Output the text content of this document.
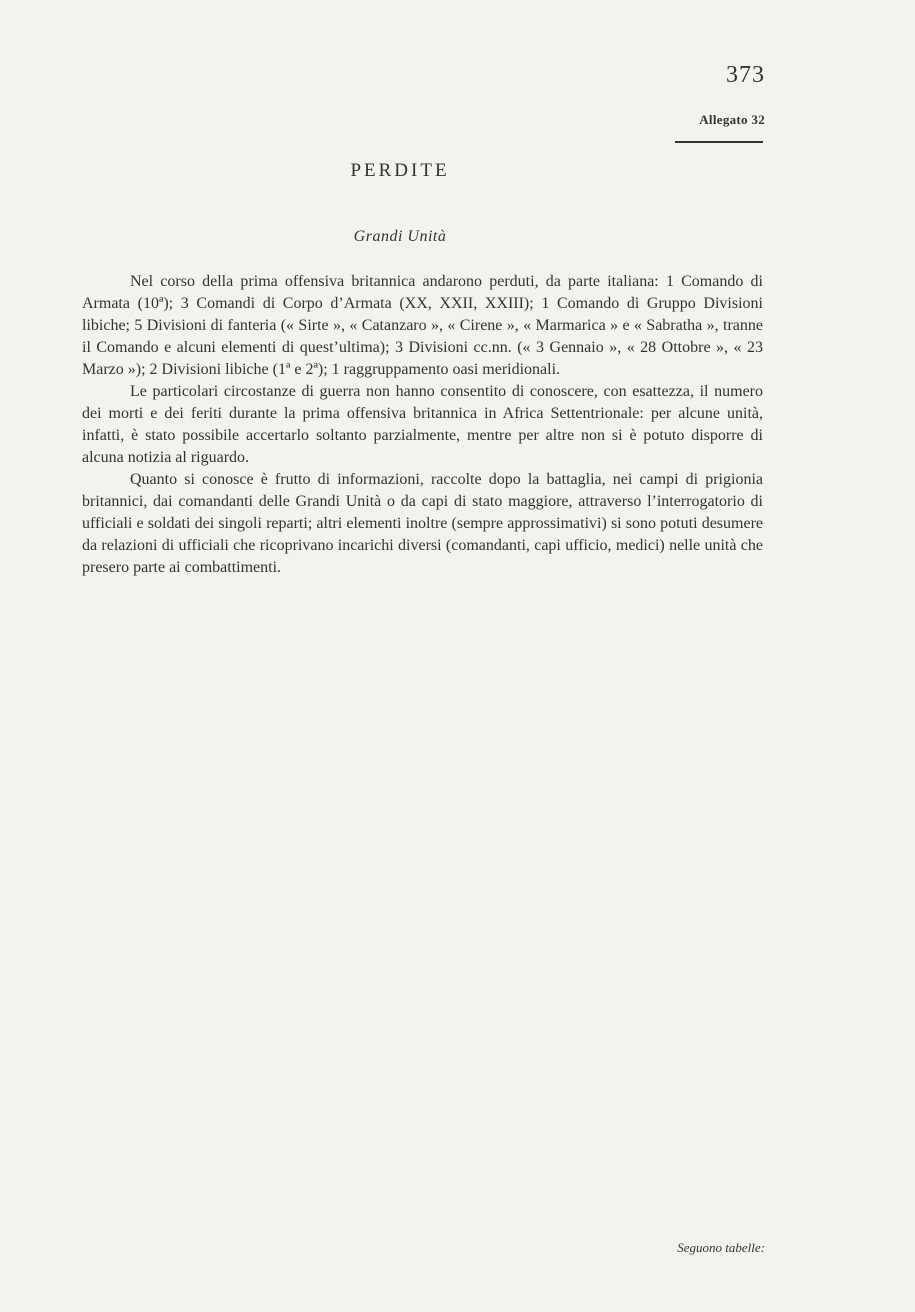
373
Allegato 32
PERDITE
Grandi Unità

Nel corso della prima offensiva britannica andarono perduti, da parte italiana: 1 Comando di Armata (10ª); 3 Comandi di Corpo d’Armata (XX, XXII, XXIII); 1 Comando di Gruppo Divisioni libiche; 5 Divisioni di fanteria (« Sirte », « Catanzaro », « Cirene », « Marmarica » e « Sabratha », tranne il Comando e alcuni elementi di quest’ultima); 3 Divisioni cc.nn. (« 3 Gennaio », « 28 Ottobre », « 23 Marzo »); 2 Divisioni libiche (1ª e 2ª); 1 raggruppamento oasi meridionali.

Le particolari circostanze di guerra non hanno consentito di conoscere, con esattezza, il numero dei morti e dei feriti durante la prima offensiva britannica in Africa Settentrionale: per alcune unità, infatti, è stato possibile accertarlo soltanto parzialmente, mentre per altre non si è potuto disporre di alcuna notizia al riguardo.

Quanto si conosce è frutto di informazioni, raccolte dopo la battaglia, nei campi di prigionia britannici, dai comandanti delle Grandi Unità o da capi di stato maggiore, attraverso l’interrogatorio di ufficiali e soldati dei singoli reparti; altri elementi inoltre (sempre approssimativi) si sono potuti desumere da relazioni di ufficiali che ricoprivano incarichi diversi (comandanti, capi ufficio, medici) nelle unità che presero parte ai combattimenti.

Seguono tabelle:
